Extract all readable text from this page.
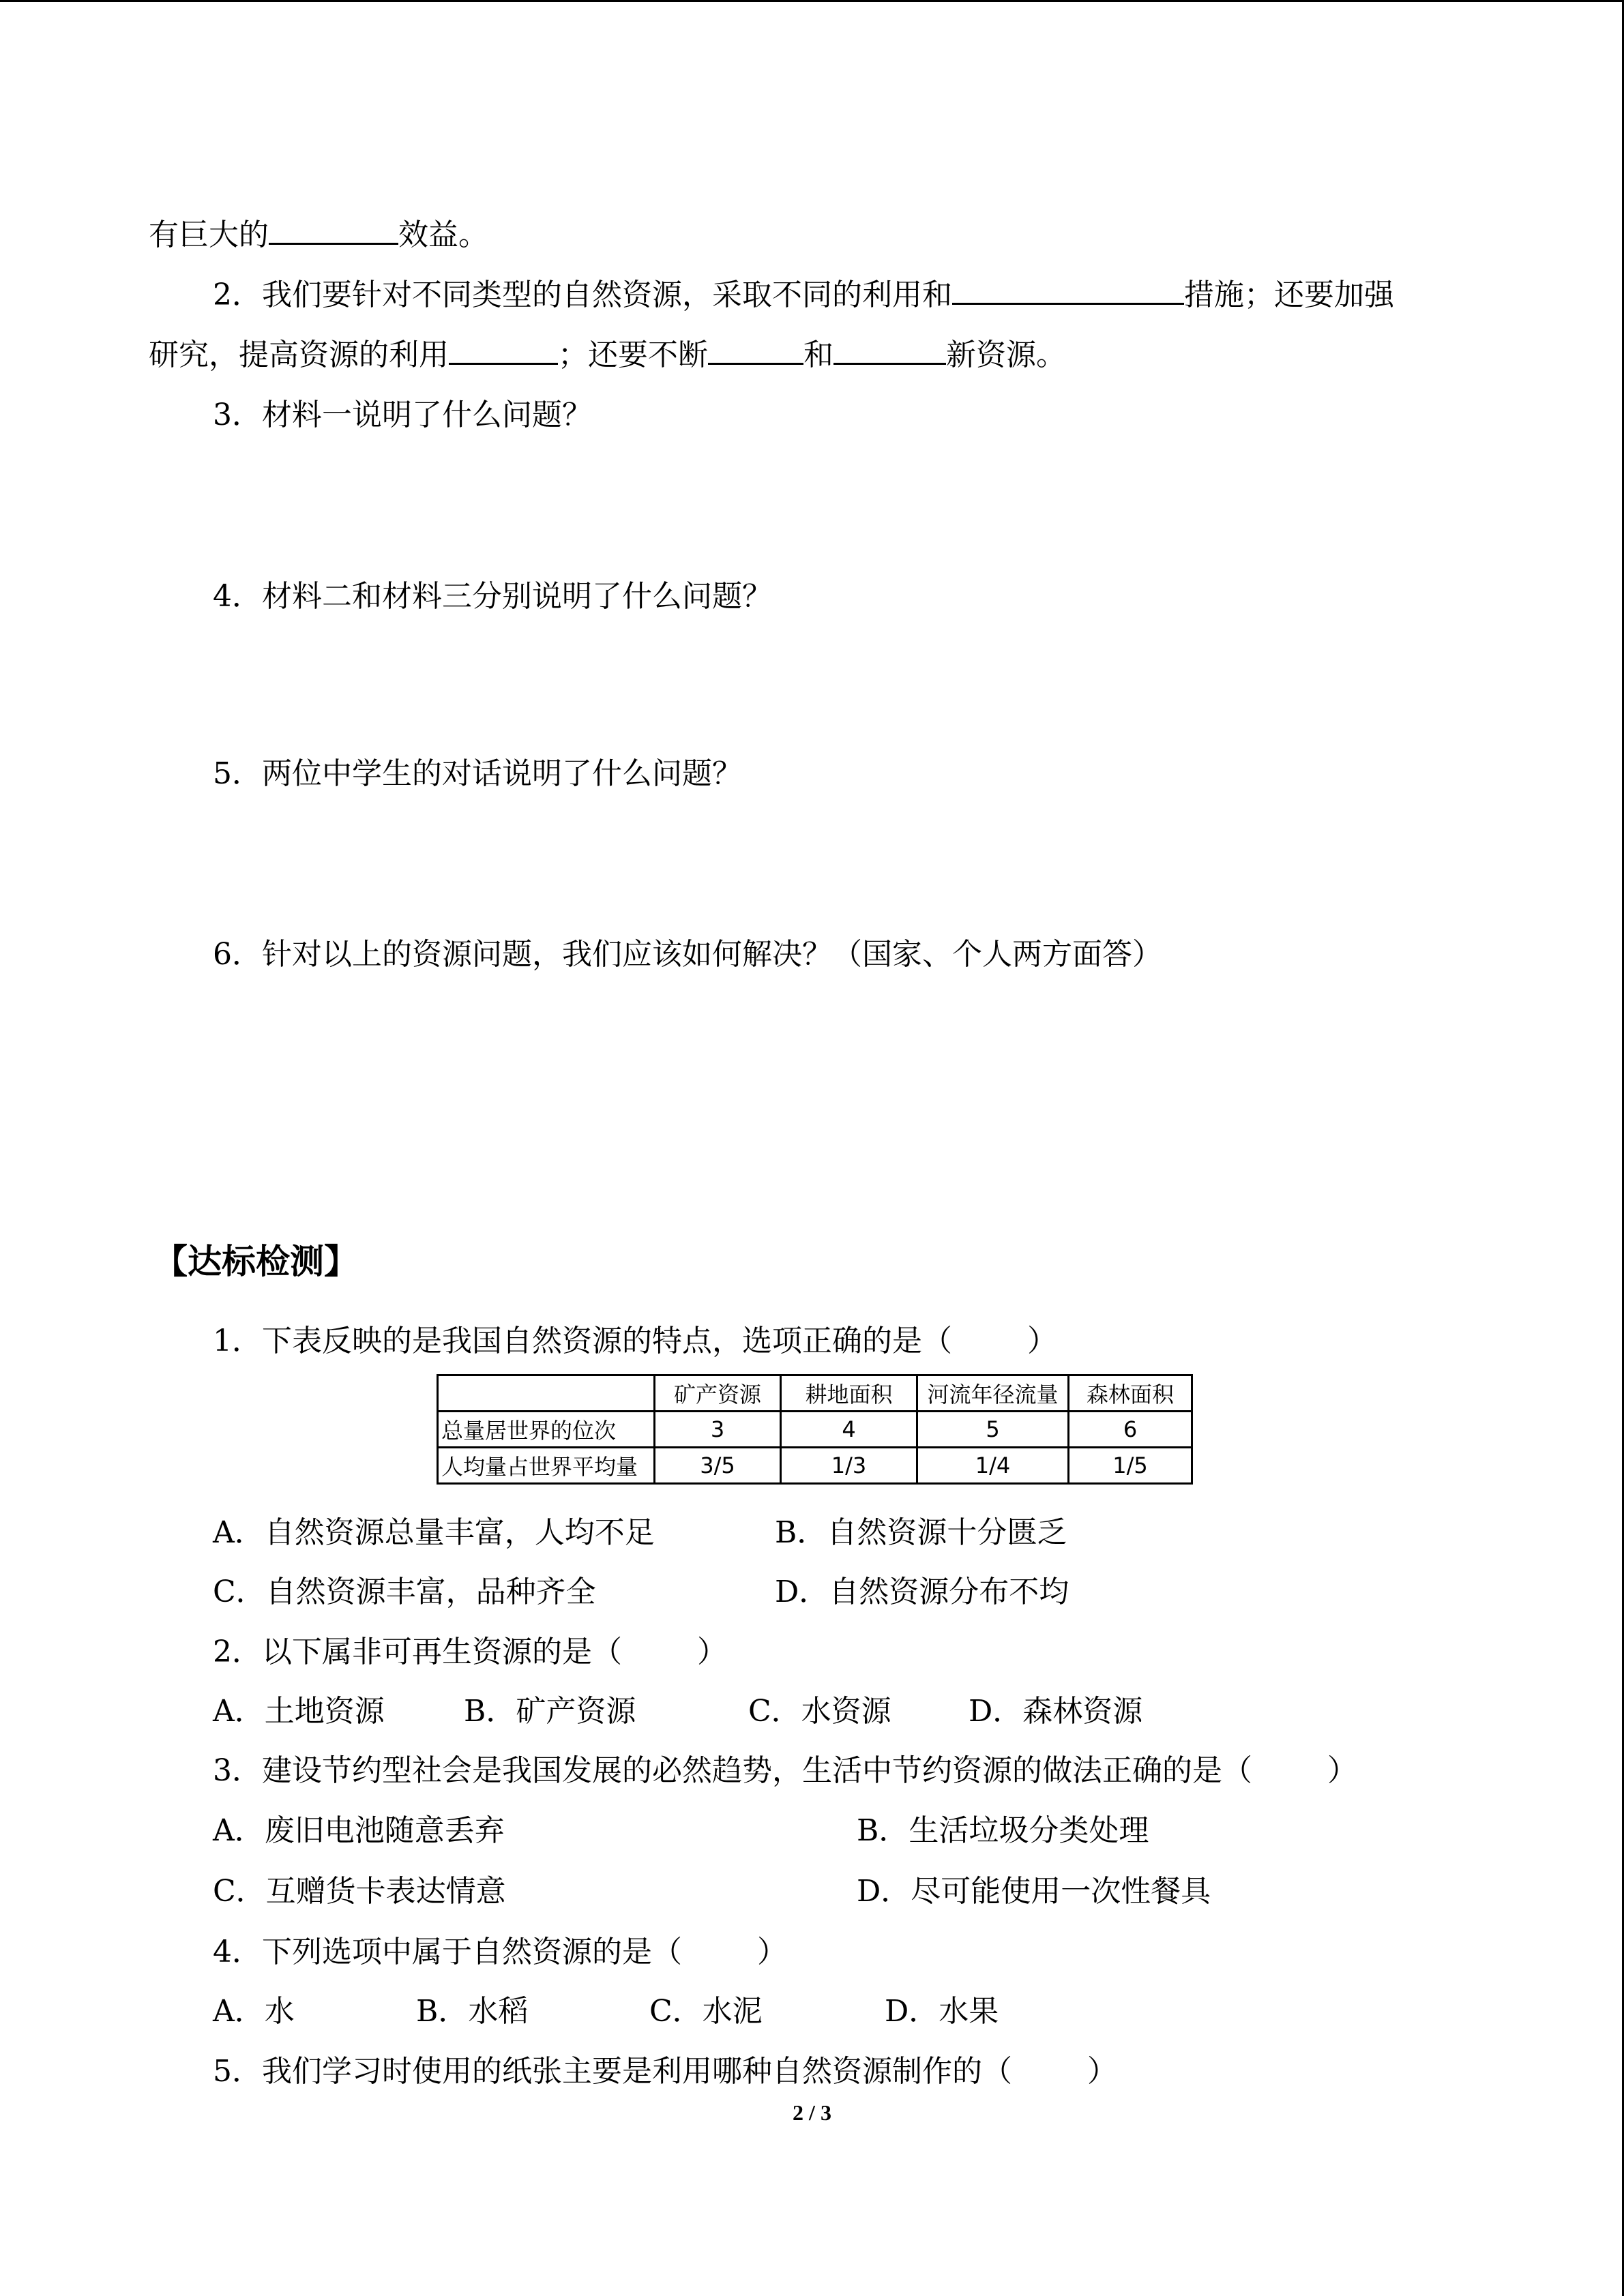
有巨大的	效益。
2．我们要针对不同类型的自然资源，采取不同的利用和	措施；还要加强
研究，提高资源的利用	；还要不断	和	新资源。
3．材料一说明了什么问题？
4．材料二和材料三分别说明了什么问题？
5．两位中学生的对话说明了什么问题？
6．针对以上的资源问题，我们应该如何解决？（国家、个人两方面答）
【达标检测】
1．下表反映的是我国自然资源的特点，选项正确的是（	）
	矿产资源	耕地面积	河流年径流量	森林面积
总量居世界的位次	3	4	5	6
人均量占世界平均量	3/5	1/3	1/4	1/5
A．自然资源总量丰富，人均不足	B．自然资源十分匮乏
C．自然资源丰富，品种齐全	D．自然资源分布不均
2．以下属非可再生资源的是（	）
A．土地资源	B．矿产资源	C．水资源	D．森林资源
3．建设节约型社会是我国发展的必然趋势，生活中节约资源的做法正确的是（	）
A．废旧电池随意丢弃	B．生活垃圾分类处理
C．互赠货卡表达情意	D．尽可能使用一次性餐具
4．下列选项中属于自然资源的是（	）
A．水	B．水稻	C．水泥	D．水果
5．我们学习时使用的纸张主要是利用哪种自然资源制作的（	）
2 / 3
